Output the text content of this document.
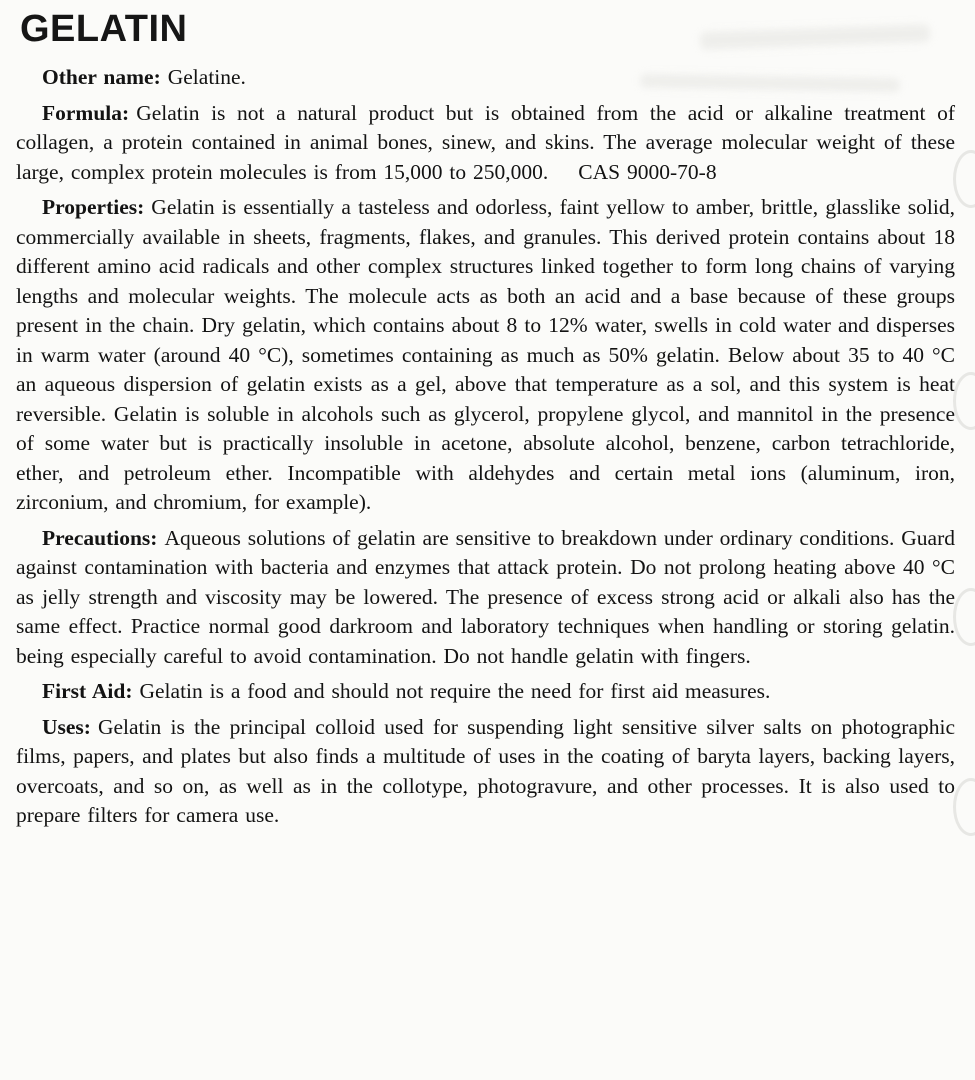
GELATIN

Other name: Gelatine.

Formula: Gelatin is not a natural product but is obtained from the acid or alkaline treatment of collagen, a protein contained in animal bones, sinew, and skins. The average molecular weight of these large, complex protein molecules is from 15,000 to 250,000. CAS 9000-70-8

Properties: Gelatin is essentially a tasteless and odorless, faint yellow to amber, brittle, glasslike solid, commercially available in sheets, fragments, flakes, and granules. This derived protein contains about 18 different amino acid radicals and other complex structures linked together to form long chains of varying lengths and molecular weights. The molecule acts as both an acid and a base because of these groups present in the chain. Dry gelatin, which contains about 8 to 12% water, swells in cold water and disperses in warm water (around 40 °C), sometimes containing as much as 50% gelatin. Below about 35 to 40 °C an aqueous dispersion of gelatin exists as a gel, above that temperature as a sol, and this system is heat reversible. Gelatin is soluble in alcohols such as glycerol, propylene glycol, and mannitol in the presence of some water but is practically insoluble in acetone, absolute alcohol, benzene, carbon tetrachloride, ether, and petroleum ether. Incompatible with aldehydes and certain metal ions (aluminum, iron, zirconium, and chromium, for example).

Precautions: Aqueous solutions of gelatin are sensitive to breakdown under ordinary conditions. Guard against contamination with bacteria and enzymes that attack protein. Do not prolong heating above 40 °C as jelly strength and viscosity may be lowered. The presence of excess strong acid or alkali also has the same effect. Practice normal good darkroom and laboratory techniques when handling or storing gelatin. being especially careful to avoid contamination. Do not handle gelatin with fingers.

First Aid: Gelatin is a food and should not require the need for first aid measures.

Uses: Gelatin is the principal colloid used for suspending light sensitive silver salts on photographic films, papers, and plates but also finds a multitude of uses in the coating of baryta layers, backing layers, overcoats, and so on, as well as in the collotype, photogravure, and other processes. It is also used to prepare filters for camera use.
